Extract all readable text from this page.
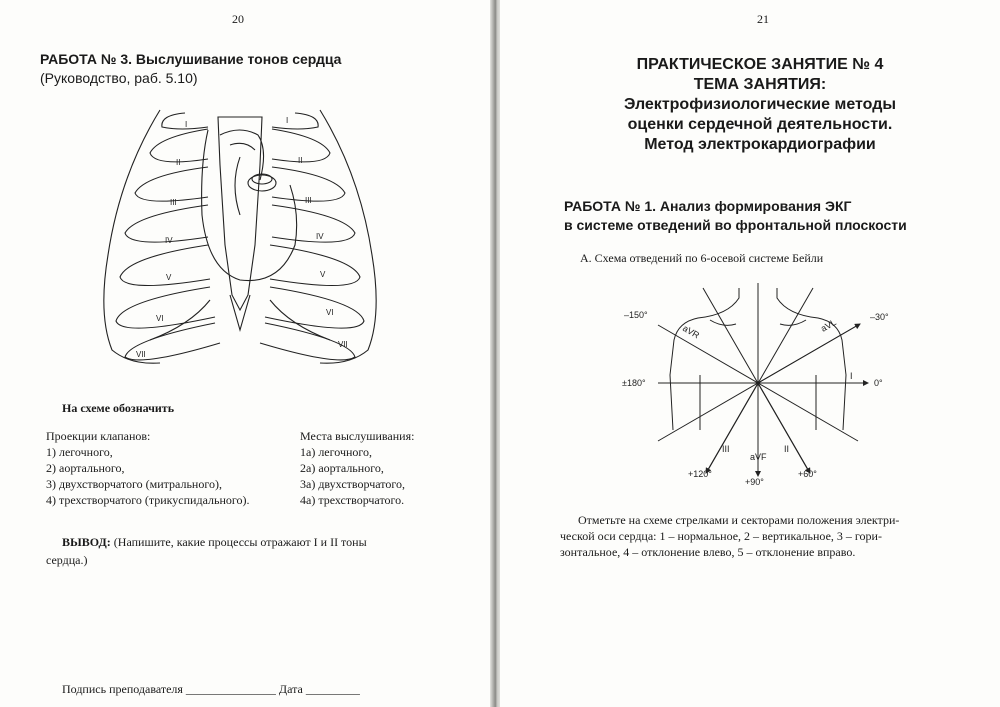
20
РАБОТА № 3. Выслушивание тонов сердца
(Руководство, раб. 5.10)
I
II
III
IV
V
VI
VII
I
II
III
IV
V
VI
VII
На схеме обозначить
Проекции клапанов:
1) легочного,
2) аортального,
3) двухстворчатого (митрального),
4) трехстворчатого (трикуспидального).
Места выслушивания:
1а) легочного,
2а) аортального,
3а) двухстворчатого,
4а) трехстворчатого.
ВЫВОД: (Напишите, какие процессы отражают I и II тоны
сердца.)
Подпись преподавателя _______________ Дата _________
21
ПРАКТИЧЕСКОЕ ЗАНЯТИЕ № 4
ТЕМА ЗАНЯТИЯ:
Электрофизиологические методы
оценки сердечной деятельности.
Метод электрокардиографии
РАБОТА № 1. Анализ формирования ЭКГ
в системе отведений во фронтальной плоскости
А. Схема отведений по 6-осевой системе Бейли
–150°
aVR	aVL
–30°
±180°
I
0°
III
aVF
II
+120°
+90°
+60°
Отметьте на схеме стрелками и секторами положения электри-
ческой оси сердца: 1 – нормальное, 2 – вертикальное, 3 – гори-
зонтальное, 4 – отклонение влево, 5 – отклонение вправо.
